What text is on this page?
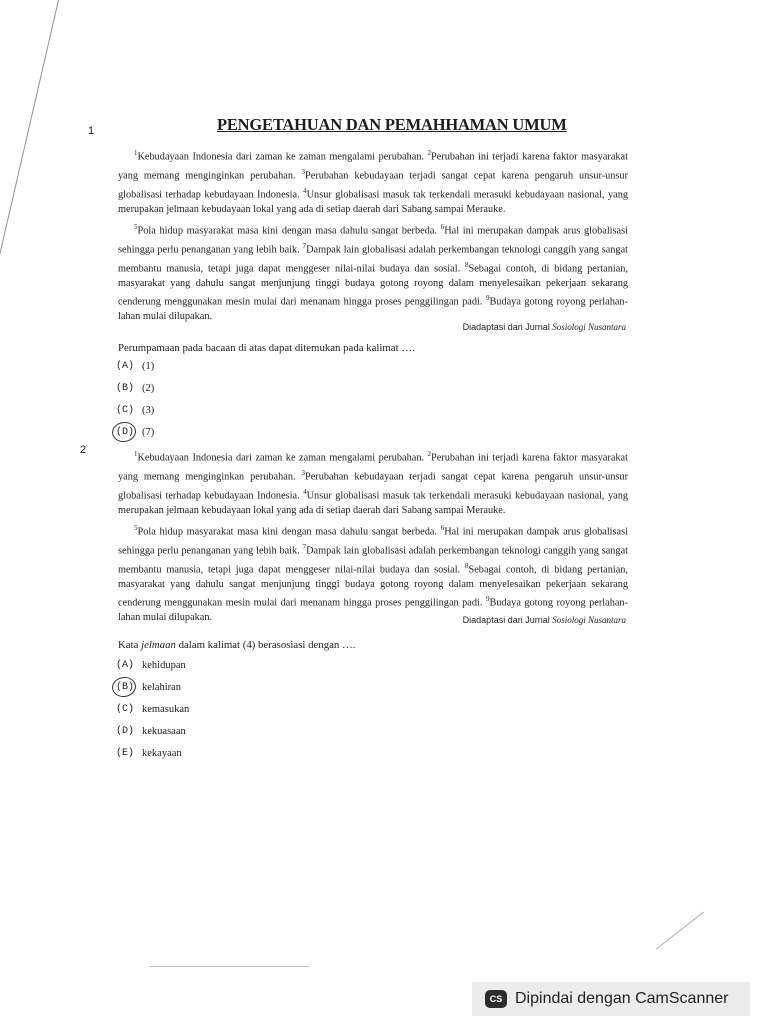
1	PENGETAHUAN DAN PEMAHHAMAN UMUM

$^1$Kebudayaan Indonesia dari zaman ke zaman mengalami perubahan. $^2$Perubahan ini terjadi karena faktor masyarakat yang memang menginginkan perubahan. $^3$Perubahan kebudayaan terjadi sangat cepat karena pengaruh unsur-unsur globalisasi terhadap kebudayaan Indonesia. $^4$Unsur globalisasi masuk tak terkendali merasuki kebudayaan nasional, yang merupakan jelmaan kebudayaan lokal yang ada di setiap daerah dari Sabang sampai Merauke.

$^5$Pola hidup masyarakat masa kini dengan masa dahulu sangat berbeda. $^6$Hal ini merupakan dampak arus globalisasi sehingga perlu penanganan yang lebih baik. $^7$Dampak lain globalisasi adalah perkembangan teknologi canggih yang sangat membantu manusia, tetapi juga dapat menggeser nilai-nilai budaya dan sosial. $^8$Sebagai contoh, di bidang pertanian, masyarakat yang dahulu sangat menjunjung tinggi budaya gotong royong dalam menyelesaikan pekerjaan sekarang cenderung menggunakan mesin mulai dari menanam hingga proses penggilingan padi. $^9$Budaya gotong royong perlahan-lahan mulai dilupakan.

Diadaptasi dari Jurnal Sosiologi Nusantara
Perumpamaan pada bacaan di atas dapat ditemukan pada kalimat ….
(A) (1)
(B) (2)
(C) (3)
(D) (7)
2	$^1$Kebudayaan Indonesia dari zaman ke zaman mengalami perubahan. $^2$Perubahan ini terjadi karena faktor masyarakat yang memang menginginkan perubahan. $^3$Perubahan kebudayaan terjadi sangat cepat karena pengaruh unsur-unsur globalisasi terhadap kebudayaan Indonesia. $^4$Unsur globalisasi masuk tak terkendali merasuki kebudayaan nasional, yang merupakan jelmaan kebudayaan lokal yang ada di setiap daerah dari Sabang sampai Merauke.

$^5$Pola hidup masyarakat masa kini dengan masa dahulu sangat berbeda. $^6$Hal ini merupakan dampak arus globalisasi sehingga perlu penanganan yang lebih baik. $^7$Dampak lain globalisasi adalah perkembangan teknologi canggih yang sangat membantu manusia, tetapi juga dapat menggeser nilai-nilai budaya dan sosial. $^8$Sebagai contoh, di bidang pertanian, masyarakat yang dahulu sangat menjunjung tinggi budaya gotong royong dalam menyelesaikan pekerjaan sekarang cenderung menggunakan mesin mulai dari menanam hingga proses penggilingan padi. $^9$Budaya gotong royong perlahan-lahan mulai dilupakan.	Diadaptasi dari Jurnal Sosiologi Nusantara
Kata jelmaan dalam kalimat (4) berasosiasi dengan ….
(A) kehidupan
(B) kelahiran
(C) kemasukan
(D) kekuasaan
(E) kekayaan
CS Dipindai dengan CamScanner
